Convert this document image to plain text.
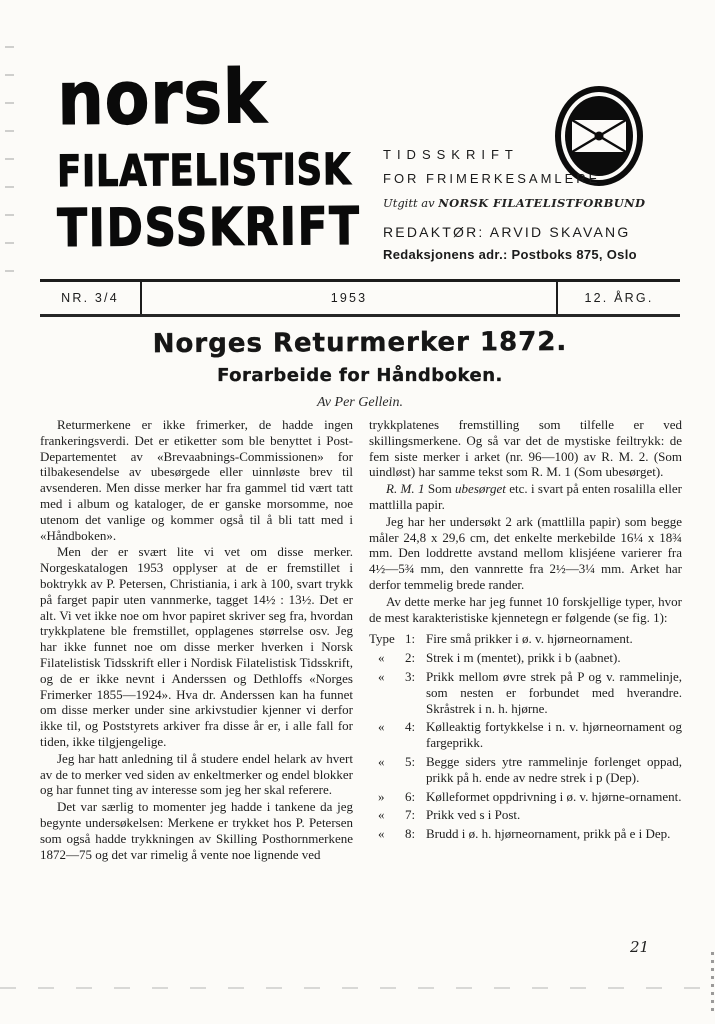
norsk
FILATELISTISK
TIDSSKRIFT
TIDSSKRIFT
FOR FRIMERKESAMLERE
Utgitt av NORSK FILATELISTFORBUND
REDAKTØR: ARVID SKAVANG
Redaksjonens adr.: Postboks 875, Oslo
NR. 3/4	1953	12. ÅRG.
Norges Returmerker 1872.
Forarbeide for Håndboken.
Av Per Gellein.

Returmerkene er ikke frimerker, de hadde ingen frankeringsverdi. Det er etiketter som ble benyttet i Post-Departementet av «Brevaabnings-Commissionen» for tilbakesendelse av ubesørgede eller uinnløste brev til avsenderen. Men disse merker har fra gammel tid vært tatt med i album og kataloger, de er ganske morsomme, noe utenom det vanlige og kommer også til å bli tatt med i «Håndboken».

Men der er svært lite vi vet om disse merker. Norgeskatalogen 1953 opplyser at de er fremstillet i boktrykk av P. Petersen, Christiania, i ark à 100, svart trykk på farget papir uten vannmerke, tagget 14½ : 13½. Det er alt. Vi vet ikke noe om hvor papiret skriver seg fra, hvordan trykkplatene ble fremstillet, opplagenes størrelse osv. Jeg har ikke funnet noe om disse merker hverken i Norsk Filatelistisk Tidsskrift eller i Nordisk Filatelistisk Tidsskrift, og de er ikke nevnt i Anderssen og Dethloffs «Norges Frimerker 1855—1924». Hva dr. Anderssen kan ha funnet om disse merker under sine arkivstudier kjenner vi derfor ikke til, og Poststyrets arkiver fra disse år er, i alle fall for tiden, ikke tilgjengelige.

Jeg har hatt anledning til å studere endel helark av hvert av de to merker ved siden av enkeltmerker og endel blokker og har funnet ting av interesse som jeg her skal referere.

Det var særlig to momenter jeg hadde i tankene da jeg begynte undersøkelsen: Merkene er trykket hos P. Petersen som også hadde trykkningen av Skilling Posthornmerkene 1872—75 og det var rimelig å vente noe lignende ved

trykkplatenes fremstilling som tilfelle er ved skillingsmerkene. Og så var det de mystiske feiltrykk: de fem siste merker i arket (nr. 96—100) av R. M. 2. (Som uindløst) har samme tekst som R. M. 1 (Som ubesørget).

R. M. 1 Som ubesørget etc. i svart på enten rosalilla eller mattlilla papir.

Jeg har her undersøkt 2 ark (mattlilla papir) som begge måler 24,8 x 29,6 cm, det enkelte merkebilde 16¼ x 18¾ mm. Den loddrette avstand mellom klisjéene varierer fra 4½—5¾ mm, den vannrette fra 2½—3¼ mm. Arket har derfor temmelig brede rander.

Av dette merke har jeg funnet 10 forskjellige typer, hvor de mest karakteristiske kjennetegn er følgende (se fig. 1):

Type 1: Fire små prikker i ø. v. hjørneornament.
«	2: Strek i m (mentet), prikk i b (aabnet).
«	3: Prikk mellom øvre strek på P og v. rammelinje, som nesten er forbundet med hverandre. Skråstrek i n. h. hjørne.
«	4: Kølleaktig fortykkelse i n. v. hjørneornament og fargeprikk.
«	5: Begge siders ytre rammelinje forlenget oppad, prikk på h. ende av nedre strek i p (Dep).
»	6: Kølleformet oppdrivning i ø. v. hjørne-ornament.
«	7: Prikk ved s i Post.
«	8: Brudd i ø. h. hjørneornament, prikk på e i Dep.
21
